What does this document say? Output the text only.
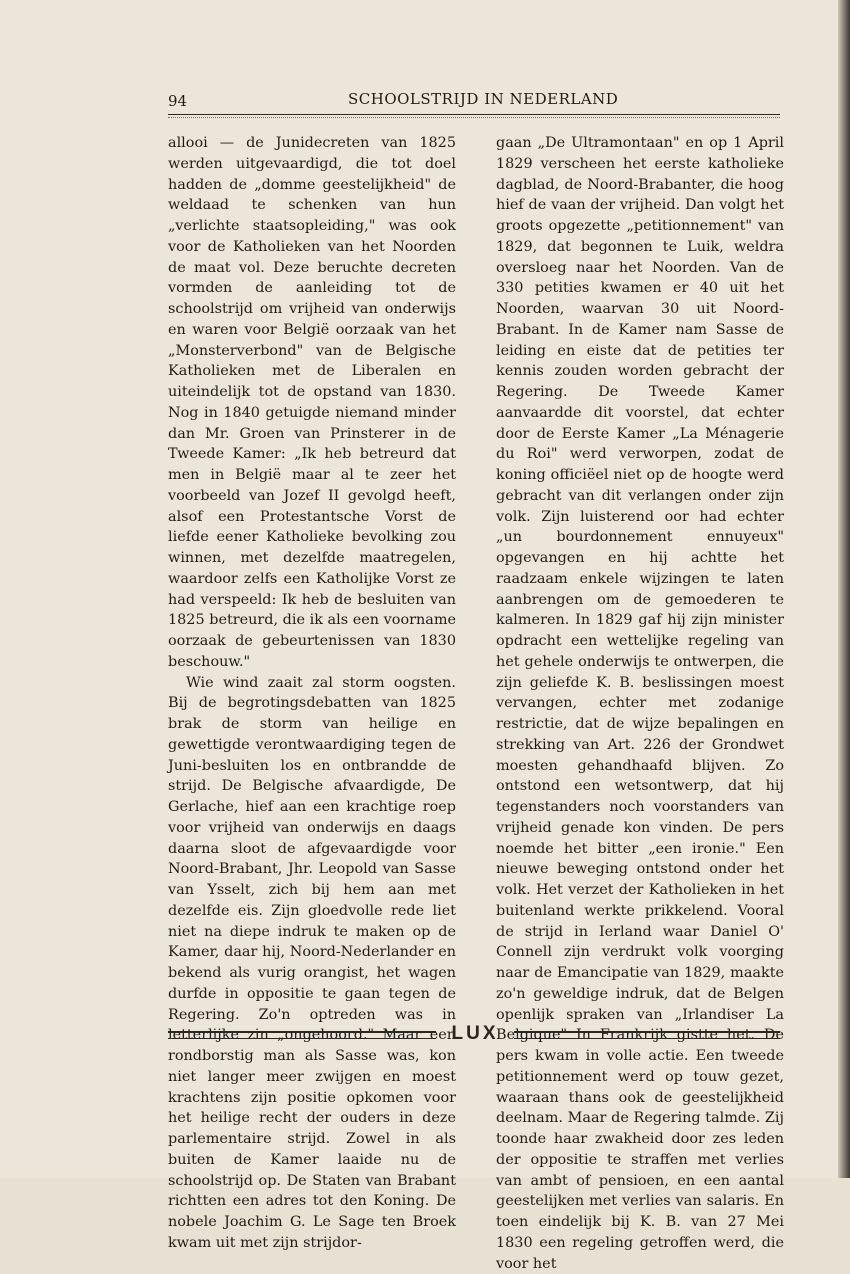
94	SCHOOLSTRIJD IN NEDERLAND

allooi — de Junidecreten van 1825 werden uitgevaardigd, die tot doel hadden de „domme geestelijkheid" de weldaad te schenken van hun „verlichte staatsopleiding," was ook voor de Katholieken van het Noorden de maat vol. Deze beruchte decreten vormden de aanleiding tot de schoolstrijd om vrijheid van onderwijs en waren voor België oorzaak van het „Monsterverbond" van de Belgische Katholieken met de Liberalen en uiteindelijk tot de opstand van 1830. Nog in 1840 getuigde niemand minder dan Mr. Groen van Prinsterer in de Tweede Kamer: „Ik heb betreurd dat men in België maar al te zeer het voorbeeld van Jozef II gevolgd heeft, alsof een Protestantsche Vorst de liefde eener Katholieke bevolking zou winnen, met dezelfde maatregelen, waardoor zelfs een Katholijke Vorst ze had verspeeld: Ik heb de besluiten van 1825 betreurd, die ik als een voorname oorzaak de gebeurtenissen van 1830 beschouw."

Wie wind zaait zal storm oogsten. Bij de begrotingsdebatten van 1825 brak de storm van heilige en gewettigde verontwaardiging tegen de Juni-besluiten los en ontbrandde de strijd. De Belgische afvaardigde, De Gerlache, hief aan een krachtige roep voor vrijheid van onderwijs en daags daarna sloot de afgevaardigde voor Noord-Brabant, Jhr. Leopold van Sasse van Ysselt, zich bij hem aan met dezelfde eis. Zijn gloedvolle rede liet niet na diepe indruk te maken op de Kamer, daar hij, Noord-Nederlander en bekend als vurig orangist, het wagen durfde in oppositie te gaan tegen de Regering. Zo'n optreden was in letterlijke zin „ongehoord." Maar een rondborstig man als Sasse was, kon niet langer meer zwijgen en moest krachtens zijn positie opkomen voor het heilige recht der ouders in deze parlementaire strijd. Zowel in als buiten de Kamer laaide nu de schoolstrijd op. De Staten van Brabant richtten een adres tot den Koning. De nobele Joachim G. Le Sage ten Broek kwam uit met zijn strijdor-

gaan „De Ultramontaan" en op 1 April 1829 verscheen het eerste katholieke dagblad, de Noord-Brabanter, die hoog hief de vaan der vrijheid. Dan volgt het groots opgezette „petitionnement" van 1829, dat begonnen te Luik, weldra oversloeg naar het Noorden. Van de 330 petities kwamen er 40 uit het Noorden, waarvan 30 uit Noord-Brabant. In de Kamer nam Sasse de leiding en eiste dat de petities ter kennis zouden worden gebracht der Regering. De Tweede Kamer aanvaardde dit voorstel, dat echter door de Eerste Kamer „La Ménagerie du Roi" werd verworpen, zodat de koning officiëel niet op de hoogte werd gebracht van dit verlangen onder zijn volk. Zijn luisterend oor had echter „un bourdonnement ennuyeux" opgevangen en hij achtte het raadzaam enkele wijzingen te laten aanbrengen om de gemoederen te kalmeren. In 1829 gaf hij zijn minister opdracht een wettelijke regeling van het gehele onderwijs te ontwerpen, die zijn geliefde K. B. beslissingen moest vervangen, echter met zodanige restrictie, dat de wijze bepalingen en strekking van Art. 226 der Grondwet moesten gehandhaafd blijven. Zo ontstond een wetsontwerp, dat hij tegenstanders noch voorstanders van vrijheid genade kon vinden. De pers noemde het bitter „een ironie." Een nieuwe beweging ontstond onder het volk. Het verzet der Katholieken in het buitenland werkte prikkelend. Vooral de strijd in Ierland waar Daniel O' Connell zijn verdrukt volk voorging naar de Emancipatie van 1829, maakte zo'n geweldige indruk, dat de Belgen openlijk spraken van „Irlandiser La Belgique" In Frankrijk gistte het. De pers kwam in volle actie. Een tweede petitionnement werd op touw gezet, waaraan thans ook de geestelijkheid deelnam. Maar de Regering talmde. Zij toonde haar zwakheid door zes leden der oppositie te straffen met verlies van ambt of pensioen, en een aantal geestelijken met verlies van salaris. En toen eindelijk bij K. B. van 27 Mei 1830 een regeling getroffen werd, die voor het

LUX
